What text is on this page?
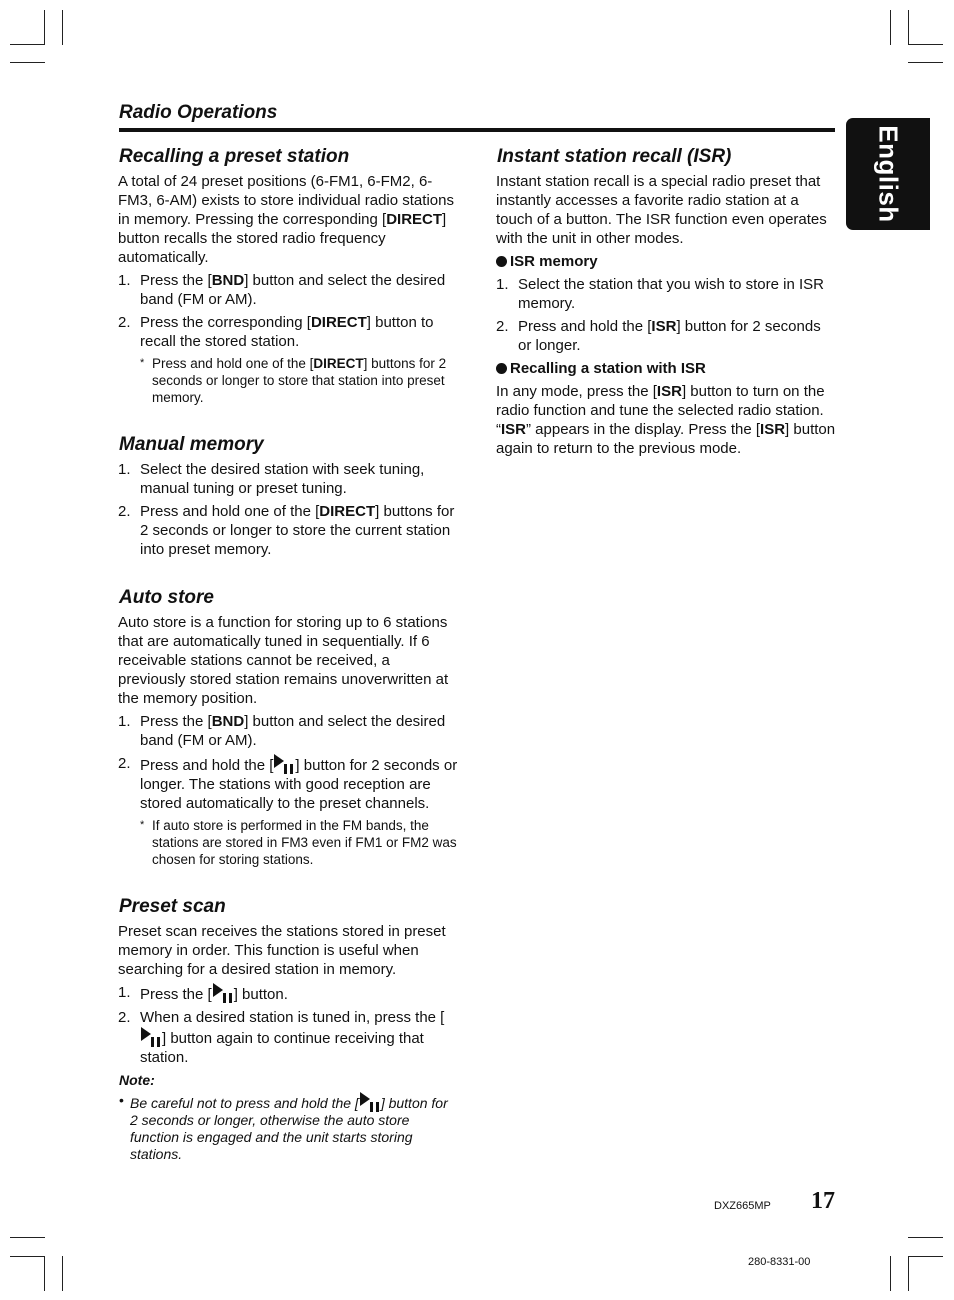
Radio Operations
English
Recalling a preset station

A total of 24 preset positions (6-FM1, 6-FM2, 6-FM3, 6-AM) exists to store individual radio stations in memory. Pressing the corresponding [DIRECT] button recalls the stored radio frequency automatically.

1. Press the [BND] button and select the desired band (FM or AM).
2. Press the corresponding [DIRECT] button to recall the stored station.
* Press and hold one of the [DIRECT] buttons for 2 seconds or longer to store that station into preset memory.
Manual memory
1. Select the desired station with seek tuning, manual tuning or preset tuning.
2. Press and hold one of the [DIRECT] buttons for 2 seconds or longer to store the current station into preset memory.
Auto store

Auto store is a function for storing up to 6 stations that are automatically tuned in sequentially. If 6 receivable stations cannot be received, a previously stored station remains unoverwritten at the memory position.

1. Press the [BND] button and select the desired band (FM or AM).
2. Press and hold the [ ] button for 2 seconds or longer. The stations with good reception are stored automatically to the preset channels.
* If auto store is performed in the FM bands, the stations are stored in FM3 even if FM1 or FM2 was chosen for storing stations.
Preset scan

Preset scan receives the stations stored in preset memory in order. This function is useful when searching for a desired station in memory.

1. Press the [ ] button.
2. When a desired station is tuned in, press the [] button again to continue receiving that station.
Note:
• Be careful not to press and hold the [ ] button for 2 seconds or longer, otherwise the auto store function is engaged and the unit starts storing stations.
Instant station recall (ISR)

Instant station recall is a special radio preset that instantly accesses a favorite radio station at a touch of a button. The ISR function even operates with the unit in other modes.

ISR memory
1. Select the station that you wish to store in ISR memory.
2. Press and hold the [ISR] button for 2 seconds or longer.
Recalling a station with ISR

In any mode, press the [ISR] button to turn on the radio function and tune the selected radio station. “ISR” appears in the display. Press the [ISR] button again to return to the previous mode.

DXZ665MP 17
280-8331-00
